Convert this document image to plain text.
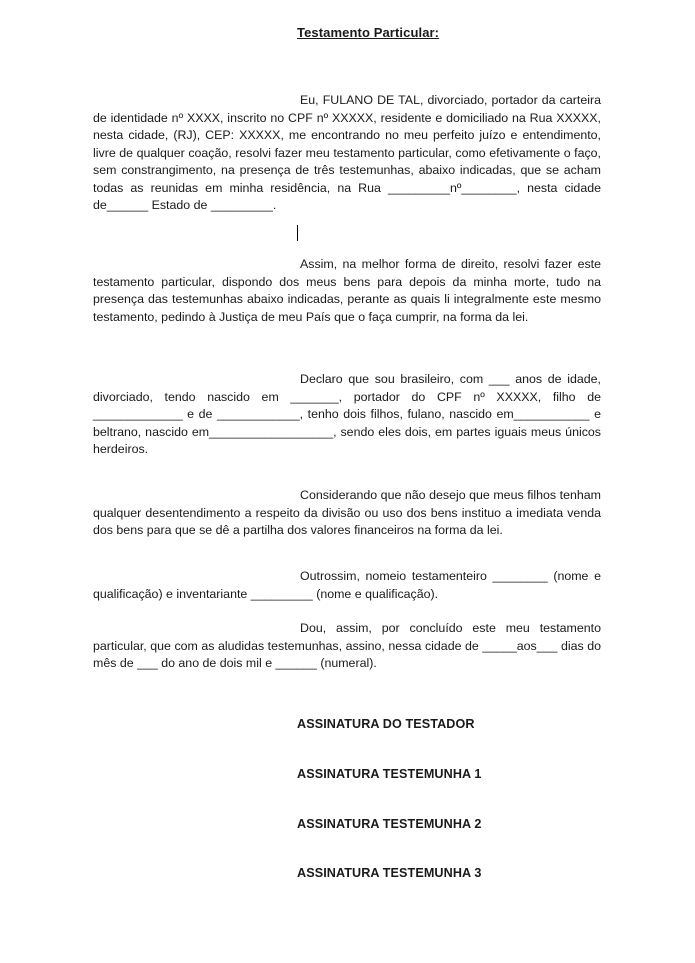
Testamento Particular:

Eu, FULANO DE TAL, divorciado, portador da carteira de identidade nº XXXX, inscrito no CPF nº XXXXX, residente e domiciliado na Rua XXXXX, nesta cidade, (RJ), CEP: XXXXX, me encontrando no meu perfeito juízo e entendimento, livre de qualquer coação, resolvi fazer meu testamento particular, como efetivamente o faço, sem constrangimento, na presença de três testemunhas, abaixo indicadas, que se acham todas as reunidas em minha residência, na Rua _________nº________, nesta cidade de______ Estado de _________.

Assim, na melhor forma de direito, resolvi fazer este testamento particular, dispondo dos meus bens para depois da minha morte, tudo na presença das testemunhas abaixo indicadas, perante as quais li integralmente este mesmo testamento, pedindo à Justiça de meu País que o faça cumprir, na forma da lei.

Declaro que sou brasileiro, com ___ anos de idade, divorciado, tendo nascido em _______, portador do CPF nº XXXXX, filho de _____________ e de ____________, tenho dois filhos, fulano, nascido em___________ e beltrano, nascido em__________________, sendo eles dois, em partes iguais meus únicos herdeiros.

Considerando que não desejo que meus filhos tenham qualquer desentendimento a respeito da divisão ou uso dos bens instituo a imediata venda dos bens para que se dê a partilha dos valores financeiros na forma da lei.

Outrossim, nomeio testamenteiro ________ (nome e qualificação) e inventariante _________ (nome e qualificação).

Dou, assim, por concluído este meu testamento particular, que com as aludidas testemunhas, assino, nessa cidade de _____aos___ dias do mês de ___ do ano de dois mil e ______ (numeral).

ASSINATURA DO TESTADOR
ASSINATURA TESTEMUNHA 1
ASSINATURA TESTEMUNHA 2
ASSINATURA TESTEMUNHA 3
